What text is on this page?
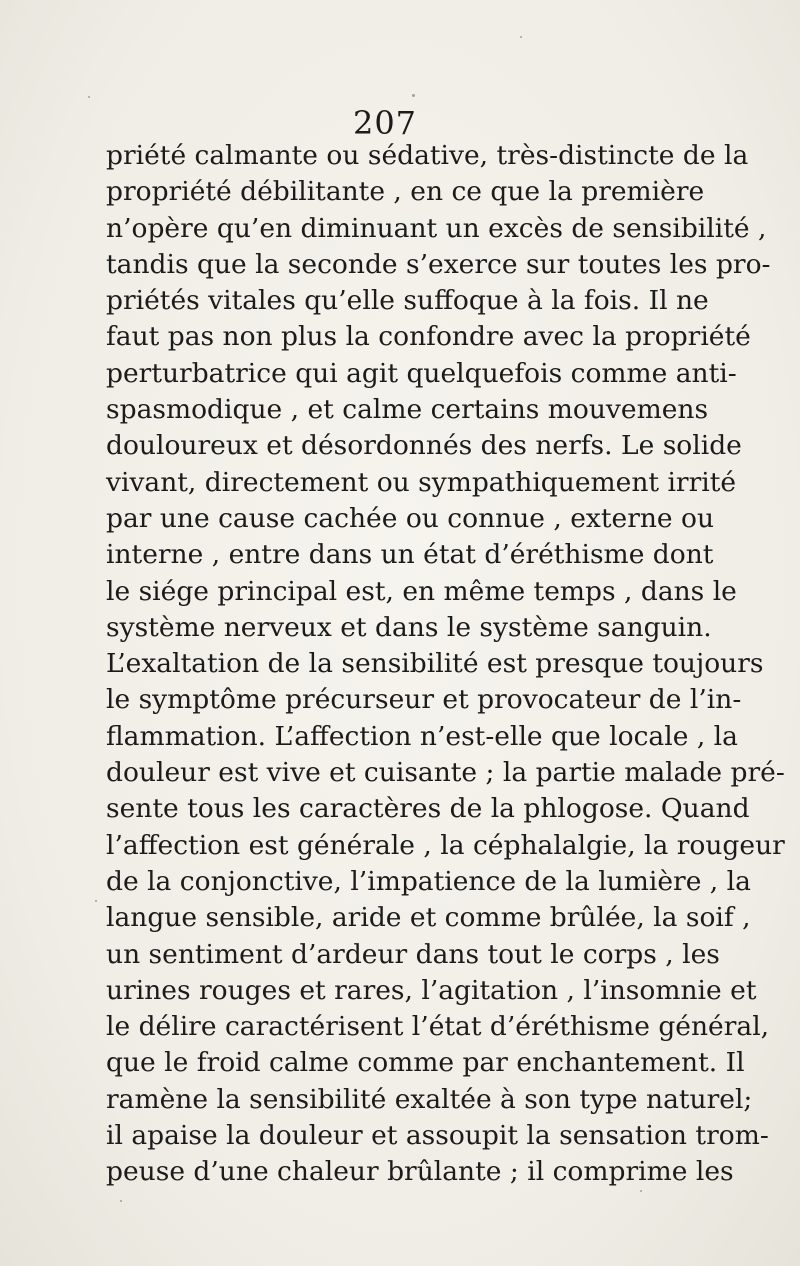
207
priété calmante ou sédative, très-distincte de la
propriété débilitante , en ce que la première
n’opère qu’en diminuant un excès de sensibilité ,
tandis que la seconde s’exerce sur toutes les pro-
priétés vitales qu’elle suffoque à la fois. Il ne
faut pas non plus la confondre avec la propriété
perturbatrice qui agit quelquefois comme anti-
spasmodique , et calme certains mouvemens
douloureux et désordonnés des nerfs. Le solide
vivant, directement ou sympathiquement irrité
par une cause cachée ou connue , externe ou
interne , entre dans un état d’éréthisme dont
le siége principal est, en même temps , dans le
système nerveux et dans le système sanguin.
L’exaltation de la sensibilité est presque toujours
le symptôme précurseur et provocateur de l’in-
flammation. L’affection n’est-elle que locale , la
douleur est vive et cuisante ; la partie malade pré-
sente tous les caractères de la phlogose. Quand
l’affection est générale , la céphalalgie, la rougeur
de la conjonctive, l’impatience de la lumière , la
langue sensible, aride et comme brûlée, la soif ,
un sentiment d’ardeur dans tout le corps , les
urines rouges et rares, l’agitation , l’insomnie et
le délire caractérisent l’état d’éréthisme général,
que le froid calme comme par enchantement. Il
ramène la sensibilité exaltée à son type naturel;
il apaise la douleur et assoupit la sensation trom-
peuse d’une chaleur brûlante ; il comprime les
